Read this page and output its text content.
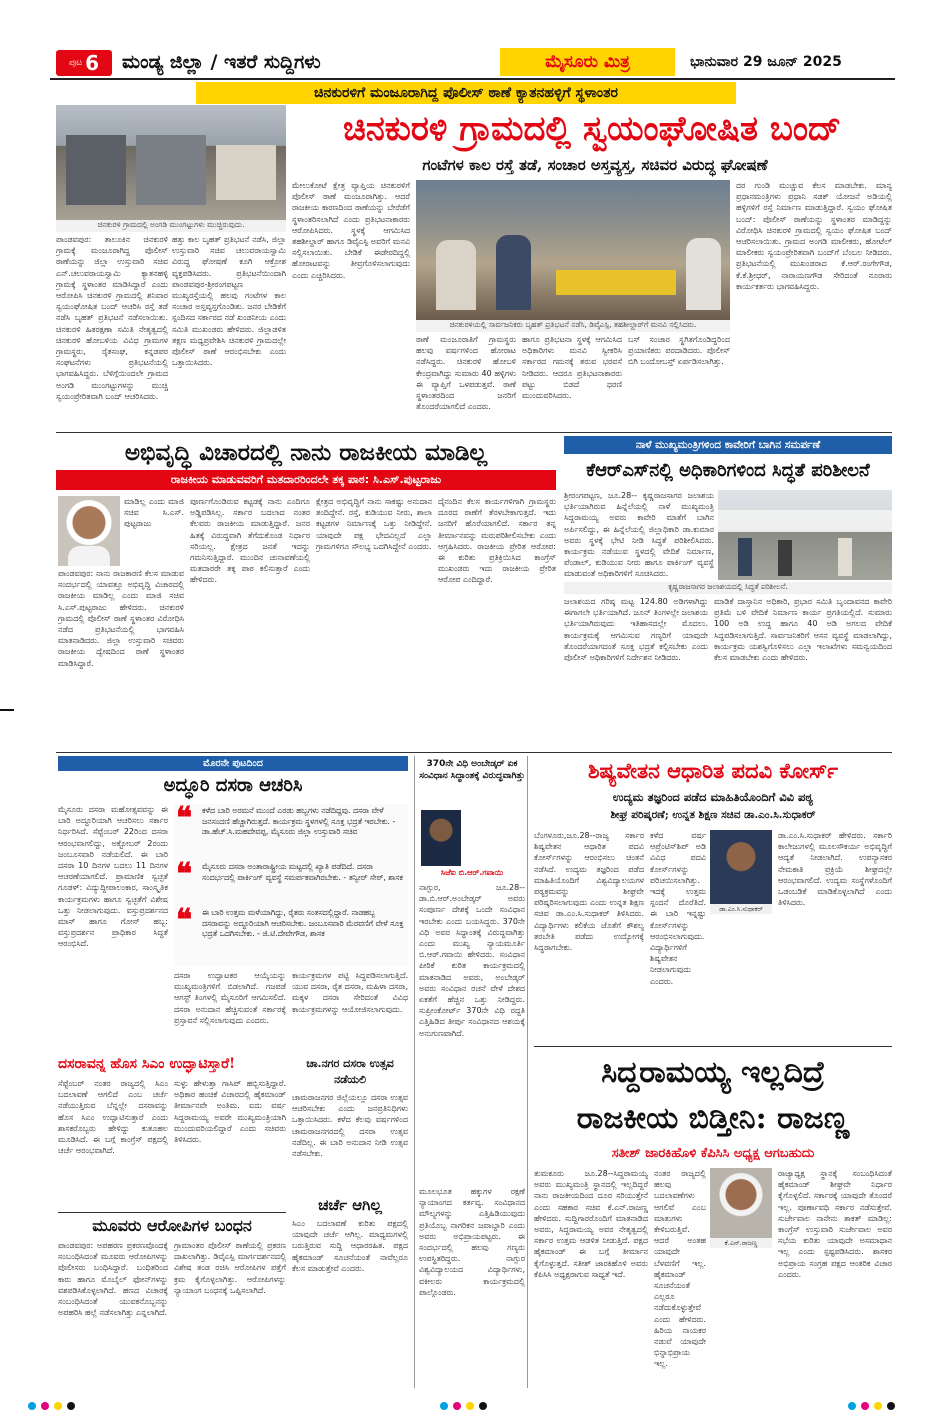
ಪುಟ 6 ಮಂಡ್ಯ ಜಿಲ್ಲಾ / ಇತರೆ ಸುದ್ದಿಗಳು	ಮೈಸೂರು ಮಿತ್ರ	ಭಾನುವಾರ 29 ಜೂನ್ 2025
ಚಿನಕುರಳಿಗೆ ಮಂಜೂರಾಗಿದ್ದ ಪೊಲೀಸ್ ಠಾಣೆ ಕ್ಯಾತನಹಳ್ಳಿಗೆ ಸ್ಥಳಾಂತರ
ಚಿನಕುರಳಿ ಗ್ರಾಮದಲ್ಲಿ ಅಂಗಡಿ ಮುಂಗಟ್ಟುಗಳು ಮುಚ್ಚಿರುವುದು.
ಚಿನಕುರಳಿ ಗ್ರಾಮದಲ್ಲಿ ಸ್ವಯಂಘೋಷಿತ ಬಂದ್
ಗಂಟೆಗಳ ಕಾಲ ರಸ್ತೆ ತಡೆ, ಸಂಚಾರ ಅಸ್ತವ್ಯಸ್ತ, ಸಚಿವರ ವಿರುದ್ಧ ಘೋಷಣೆ
ಪಾಂಡವಪುರ: ತಾಲೂಕಿನ ಚಿನಕುರಳಿ ಗ್ರಾಮಕ್ಕೆ ಮಂಜೂರಾಗಿದ್ದ ಪೊಲೀಸ್ ಠಾಣೆಯನ್ನು ಜಿಲ್ಲಾ ಉಸ್ತುವಾರಿ ಸಚಿವ ಎನ್.ಚಲುವರಾಯಸ್ವಾಮಿ ಕ್ಯಾತನಹಳ್ಳಿ ಗ್ರಾಮಕ್ಕೆ ಸ್ಥಳಾಂತರ ಮಾಡಿಸಿದ್ದಾರೆ ಎಂದು ಆರೋಪಿಸಿ ಚಿನಕುರಳಿ ಗ್ರಾಮದಲ್ಲಿ ಶನಿವಾರ ಸ್ವಯಂಘೋಷಿತ ಬಂದ್ ಆಚರಿಸಿ ರಸ್ತೆ ತಡೆ ನಡೆಸಿ ಬೃಹತ್ ಪ್ರತಿಭಟನೆ ನಡೆಸಲಾಯಿತು. ಚಿನಕುರಳಿ ಹಿತರಕ್ಷಣಾ ಸಮಿತಿ ನೇತೃತ್ವದಲ್ಲಿ ಚಿನಕುರಳಿ ಹೋಬಳಿಯ ವಿವಿಧ ಗ್ರಾಮಗಳ ಗ್ರಾಮಸ್ಥರು, ರೈತಸಂಘ, ಕನ್ನಡಪರ ಸಂಘಟನೆಗಳು ಪ್ರತಿಭಟನೆಯಲ್ಲಿ ಭಾಗವಹಿಸಿದ್ದರು. ಬೆಳಿಗ್ಗೆಯಿಂದಲೇ ಗ್ರಾಮದ ಅಂಗಡಿ ಮುಂಗಟ್ಟುಗಳನ್ನು ಮುಚ್ಚಿ ಸ್ವಯಂಪ್ರೇರಿತವಾಗಿ ಬಂದ್ ಆಚರಿಸಿದರು.
ಹತ್ತು ಕಾಲ ಬೃಹತ್ ಪ್ರತಿಭಟನೆ ನಡೆಸಿ, ಜಿಲ್ಲಾ ಉಸ್ತುವಾರಿ ಸಚಿವ ಚಲುವರಾಯಸ್ವಾಮಿ ವಿರುದ್ಧ ಘೋಷಣೆ ಕೂಗಿ ಆಕ್ರೋಶ ವ್ಯಕ್ತಪಡಿಸಿದರು. ಪ್ರತಿಭಟನೆಯಿಂದಾಗಿ ಪಾಂಡವಪುರ-ಶ್ರೀರಂಗಪಟ್ಟಣ ಮುಖ್ಯರಸ್ತೆಯಲ್ಲಿ ಹಲವು ಗಂಟೆಗಳ ಕಾಲ ಸಂಚಾರ ಅಸ್ತವ್ಯಸ್ತಗೊಂಡಿತು. ಜನರ ಬೇಡಿಕೆಗೆ ಸ್ಪಂದಿಸದ ಸರ್ಕಾರದ ನಡೆ ಖಂಡನೀಯ ಎಂದು ಸಮಿತಿ ಮುಖಂಡರು ಹೇಳಿದರು. ಜಿಲ್ಲಾಡಳಿತ ತಕ್ಷಣ ಮಧ್ಯಪ್ರವೇಶಿಸಿ ಚಿನಕುರಳಿ ಗ್ರಾಮದಲ್ಲೇ ಪೊಲೀಸ್ ಠಾಣೆ ಆರಂಭಿಸಬೇಕು ಎಂದು ಒತ್ತಾಯಿಸಿದರು.
ಮೇಲುಕೋಟೆ ಕ್ಷೇತ್ರ ವ್ಯಾಪ್ತಿಯ ಚಿನಕುರಳಿಗೆ ಪೊಲೀಸ್ ಠಾಣೆ ಮಂಜೂರಾಗಿತ್ತು. ಆದರೆ ರಾಜಕೀಯ ಕಾರಣದಿಂದ ಠಾಣೆಯನ್ನು ಬೇರೆಡೆಗೆ ಸ್ಥಳಾಂತರಿಸಲಾಗಿದೆ ಎಂದು ಪ್ರತಿಭಟನಾಕಾರರು ಆರೋಪಿಸಿದರು. ಸ್ಥಳಕ್ಕೆ ಆಗಮಿಸಿದ ತಹಶೀಲ್ದಾರ್ ಹಾಗೂ ಡಿವೈಎಸ್ಪಿ ಅವರಿಗೆ ಮನವಿ ಸಲ್ಲಿಸಲಾಯಿತು. ಬೇಡಿಕೆ ಈಡೇರದಿದ್ದಲ್ಲಿ ಹೋರಾಟವನ್ನು ತೀವ್ರಗೊಳಿಸಲಾಗುವುದು ಎಂದು ಎಚ್ಚರಿಸಿದರು.
ಚಿನಕುರಳಿಯಲ್ಲಿ ಸಾರ್ವಜನಿಕರು ಬೃಹತ್ ಪ್ರತಿಭಟನೆ ನಡೆಸಿ, ಡಿವೈಎಸ್ಪಿ, ತಹಶೀಲ್ದಾರ್‌ಗೆ ಮನವಿ ಸಲ್ಲಿಸಿದರು.
ಠಾಣೆ ಮಂಜೂರಾತಿಗೆ ಗ್ರಾಮಸ್ಥರು ಹಲವು ವರ್ಷಗಳಿಂದ ಹೋರಾಟ ನಡೆಸಿದ್ದರು. ಚಿನಕುರಳಿ ಹೋಬಳಿ ಕೇಂದ್ರವಾಗಿದ್ದು ಸುಮಾರು 40 ಹಳ್ಳಿಗಳು ಈ ವ್ಯಾಪ್ತಿಗೆ ಒಳಪಡುತ್ತವೆ. ಠಾಣೆ ಸ್ಥಳಾಂತರದಿಂದ ಜನರಿಗೆ ತೊಂದರೆಯಾಗಲಿದೆ ಎಂದರು.
ಹಾಗೂ ಪ್ರತಿಭಟನಾ ಸ್ಥಳಕ್ಕೆ ಆಗಮಿಸಿದ ಅಧಿಕಾರಿಗಳು ಮನವಿ ಸ್ವೀಕರಿಸಿ ಸರ್ಕಾರದ ಗಮನಕ್ಕೆ ತರುವ ಭರವಸೆ ನೀಡಿದರು. ಆದರೂ ಪ್ರತಿಭಟನಾಕಾರರು ಪಟ್ಟು ಬಿಡದೆ ಧರಣಿ ಮುಂದುವರಿಸಿದರು.
ಬಸ್ ಸಂಚಾರ ಸ್ಥಗಿತಗೊಂಡಿದ್ದರಿಂದ ಪ್ರಯಾಣಿಕರು ಪರದಾಡಿದರು. ಪೊಲೀಸ್ ಬಿಗಿ ಬಂದೋಬಸ್ತ್ ಏರ್ಪಡಿಸಲಾಗಿತ್ತು.
ದರ ಗುಂಡಿ ಮುಚ್ಚುವ ಕೆಲಸ ಮಾಡಬೇಕು. ಮಾನ್ಯ ಪ್ರಧಾನಮಂತ್ರಿಗಳು ಪ್ರಧಾನಿ ಸಡಕ್ ಯೋಜನೆ ಅಡಿಯಲ್ಲಿ ಹಳ್ಳಿಗಳಿಗೆ ರಸ್ತೆ ನಿರ್ಮಾಣ ಮಾಡುತ್ತಿದ್ದಾರೆ. ಸ್ವಯಂ ಘೋಷಿತ ಬಂದ್: ಪೊಲೀಸ್ ಠಾಣೆಯನ್ನು ಸ್ಥಳಾಂತರ ಮಾಡಿದ್ದನ್ನು ವಿರೋಧಿಸಿ ಚಿನಕುರಳಿ ಗ್ರಾಮದಲ್ಲಿ ಸ್ವಯಂ ಘೋಷಿತ ಬಂದ್ ಆಚರಿಸಲಾಯಿತು. ಗ್ರಾಮದ ಅಂಗಡಿ ಮಾಲೀಕರು, ಹೋಟೆಲ್ ಮಾಲೀಕರು ಸ್ವಯಂಪ್ರೇರಿತವಾಗಿ ಬಂದ್‌ಗೆ ಬೆಂಬಲ ನೀಡಿದರು. ಪ್ರತಿಭಟನೆಯಲ್ಲಿ ಮುಖಂಡರಾದ ಕೆ.ಆರ್.ರಂಗೇಗೌಡ, ಕೆ.ಕೆ.ಶ್ರೀಧರ್, ನಾರಾಯಣಗೌಡ ಸೇರಿದಂತೆ ನೂರಾರು ಕಾರ್ಯಕರ್ತರು ಭಾಗವಹಿಸಿದ್ದರು.
ಅಭಿವೃದ್ಧಿ ವಿಚಾರದಲ್ಲಿ ನಾನು ರಾಜಕೀಯ ಮಾಡಿಲ್ಲ
ರಾಜಕೀಯ ಮಾಡುವವರಿಗೆ ಮತದಾರರಿಂದಲೇ ತಕ್ಕ ಪಾಠ: ಸಿ.ಎಸ್.ಪುಟ್ಟರಾಜು
ಪಾಂಡವಪುರ: ನಾನು ರಾಜಕಾರಣಿ ಕೆಲಸ ಮಾಡುವ ಸಂದರ್ಭದಲ್ಲಿ ಯಾವತ್ತೂ ಅಭಿವೃದ್ಧಿ ವಿಚಾರದಲ್ಲಿ ರಾಜಕೀಯ ಮಾಡಿಲ್ಲ ಎಂದು ಮಾಜಿ ಸಚಿವ ಸಿ.ಎಸ್.ಪುಟ್ಟರಾಜು ಹೇಳಿದರು. ಚಿನಕುರಳಿ ಗ್ರಾಮದಲ್ಲಿ ಪೊಲೀಸ್ ಠಾಣೆ ಸ್ಥಳಾಂತರ ವಿರೋಧಿಸಿ ನಡೆದ ಪ್ರತಿಭಟನೆಯಲ್ಲಿ ಭಾಗವಹಿಸಿ ಮಾತನಾಡಿದರು. ಜಿಲ್ಲಾ ಉಸ್ತುವಾರಿ ಸಚಿವರು ರಾಜಕೀಯ ದ್ವೇಷದಿಂದ ಠಾಣೆ ಸ್ಥಳಾಂತರ ಮಾಡಿಸಿದ್ದಾರೆ.
ಮಾಡಿಲ್ಲ ಎಂದು ಮಾಜಿ ಸಚಿವ ಸಿ.ಎಸ್. ಪುಟ್ಟರಾಜು
ಪೂರ್ಣಗೊಂಡಿರುವ ಕಟ್ಟಡಕ್ಕೆ ನಾನು ಎಂದಿಗೂ ಅಡ್ಡಿಪಡಿಸಿಲ್ಲ. ಸರ್ಕಾರ ಬದಲಾದ ನಂತರ ಕೆಲವರು ರಾಜಕೀಯ ಮಾಡುತ್ತಿದ್ದಾರೆ. ಜನರ ಹಿತಕ್ಕೆ ವಿರುದ್ಧವಾಗಿ ತೆಗೆದುಕೊಂಡ ನಿರ್ಧಾರ ಸರಿಯಲ್ಲ. ಕ್ಷೇತ್ರದ ಜನತೆ ಇದನ್ನು ಗಮನಿಸುತ್ತಿದ್ದಾರೆ. ಮುಂದಿನ ಚುನಾವಣೆಯಲ್ಲಿ ಮತದಾರರೇ ತಕ್ಕ ಪಾಠ ಕಲಿಸುತ್ತಾರೆ ಎಂದು ಹೇಳಿದರು.
ಕ್ಷೇತ್ರದ ಅಭಿವೃದ್ಧಿಗೆ ನಾನು ಸಾಕಷ್ಟು ಅನುದಾನ ತಂದಿದ್ದೇನೆ. ರಸ್ತೆ, ಕುಡಿಯುವ ನೀರು, ಶಾಲಾ ಕಟ್ಟಡಗಳ ನಿರ್ಮಾಣಕ್ಕೆ ಒತ್ತು ನೀಡಿದ್ದೇನೆ. ಯಾವುದೇ ಪಕ್ಷ ಭೇದವಿಲ್ಲದೆ ಎಲ್ಲಾ ಗ್ರಾಮಗಳಿಗೂ ಸೌಲಭ್ಯ ಒದಗಿಸಿದ್ದೇನೆ ಎಂದರು.
ದೈನಂದಿನ ಕೆಲಸ ಕಾರ್ಯಗಳಿಗಾಗಿ ಗ್ರಾಮಸ್ಥರು ದೂರದ ಠಾಣೆಗೆ ತೆರಳಬೇಕಾಗುತ್ತದೆ. ಇದು ಜನರಿಗೆ ಹೊರೆಯಾಗಲಿದೆ. ಸರ್ಕಾರ ತನ್ನ ತೀರ್ಮಾನವನ್ನು ಮರುಪರಿಶೀಲಿಸಬೇಕು ಎಂದು ಆಗ್ರಹಿಸಿದರು. ರಾಜಕೀಯ ಪ್ರೇರಿತ ಆರೋಪ: ಈ ಕುರಿತು ಪ್ರತಿಕ್ರಿಯಿಸಿದ ಕಾಂಗ್ರೆಸ್ ಮುಖಂಡರು ಇದು ರಾಜಕೀಯ ಪ್ರೇರಿತ ಆರೋಪ ಎಂದಿದ್ದಾರೆ.
ನಾಳೆ ಮುಖ್ಯಮಂತ್ರಿಗಳಿಂದ ಕಾವೇರಿಗೆ ಬಾಗಿನ ಸಮರ್ಪಣೆ
ಕೆಆರ್‌ಎಸ್‌ನಲ್ಲಿ ಅಧಿಕಾರಿಗಳಿಂದ ಸಿದ್ಧತೆ ಪರಿಶೀಲನೆ
ಶ್ರೀರಂಗಪಟ್ಟಣ, ಜೂ.28-- ಕೃಷ್ಣರಾಜಸಾಗರ ಜಲಾಶಯ ಭರ್ತಿಯಾಗಿರುವ ಹಿನ್ನೆಲೆಯಲ್ಲಿ ನಾಳೆ ಮುಖ್ಯಮಂತ್ರಿ ಸಿದ್ದರಾಮಯ್ಯ ಅವರು ಕಾವೇರಿ ಮಾತೆಗೆ ಬಾಗಿನ ಅರ್ಪಿಸಲಿದ್ದು, ಈ ಹಿನ್ನೆಲೆಯಲ್ಲಿ ಜಿಲ್ಲಾಧಿಕಾರಿ ಡಾ.ಕುಮಾರ ಅವರು ಸ್ಥಳಕ್ಕೆ ಭೇಟಿ ನೀಡಿ ಸಿದ್ಧತೆ ಪರಿಶೀಲಿಸಿದರು. ಕಾರ್ಯಕ್ರಮ ನಡೆಯುವ ಸ್ಥಳದಲ್ಲಿ ವೇದಿಕೆ ನಿರ್ಮಾಣ, ಪೆಂಡಾಲ್, ಕುಡಿಯುವ ನೀರು ಹಾಗೂ ಪಾರ್ಕಿಂಗ್ ವ್ಯವಸ್ಥೆ ಮಾಡುವಂತೆ ಅಧಿಕಾರಿಗಳಿಗೆ ಸೂಚಿಸಿದರು.
ಕೃಷ್ಣರಾಜಸಾಗರ ಜಲಾಶಯದಲ್ಲಿ ಸಿದ್ಧತೆ ಪರಿಶೀಲನೆ.
ಜಲಾಶಯದ ಗರಿಷ್ಠ ಮಟ್ಟ 124.80 ಅಡಿಗಳಾಗಿದ್ದು ಈಗಾಗಲೇ ಭರ್ತಿಯಾಗಿದೆ. ಜೂನ್ ತಿಂಗಳಲ್ಲೇ ಜಲಾಶಯ ಭರ್ತಿಯಾಗಿರುವುದು ಇತಿಹಾಸದಲ್ಲೇ ಮೊದಲು. ಕಾರ್ಯಕ್ರಮಕ್ಕೆ ಆಗಮಿಸುವ ಗಣ್ಯರಿಗೆ ಯಾವುದೇ ತೊಂದರೆಯಾಗದಂತೆ ಸೂಕ್ತ ಭದ್ರತೆ ಕಲ್ಪಿಸಬೇಕು ಎಂದು ಪೊಲೀಸ್ ಅಧಿಕಾರಿಗಳಿಗೆ ನಿರ್ದೇಶನ ನೀಡಿದರು.
ಮಾಡಿಕೆ ದಾಸ್ತಾನಿನ ಅಧಿಕಾರಿ, ಪ್ರಭಾರ ಸಮಿತಿ ಬೃಂದಾವನದ ಕಾವೇರಿ ಪ್ರತಿಮೆ ಬಳಿ ವೇದಿಕೆ ನಿರ್ಮಾಣ ಕಾರ್ಯ ಪ್ರಗತಿಯಲ್ಲಿದೆ. ಸುಮಾರು 100 ಅಡಿ ಉದ್ದ ಹಾಗೂ 40 ಅಡಿ ಅಗಲದ ವೇದಿಕೆ ಸಿದ್ಧಪಡಿಸಲಾಗುತ್ತಿದೆ. ಸಾರ್ವಜನಿಕರಿಗೆ ಆಸನ ವ್ಯವಸ್ಥೆ ಮಾಡಲಾಗಿದ್ದು, ಕಾರ್ಯಕ್ರಮ ಯಶಸ್ವಿಗೊಳಿಸಲು ಎಲ್ಲಾ ಇಲಾಖೆಗಳು ಸಮನ್ವಯದಿಂದ ಕೆಲಸ ಮಾಡಬೇಕು ಎಂದು ಹೇಳಿದರು.
ಮೊರನೇ ಪುಟದಿಂದ
ಅದ್ಧೂರಿ ದಸರಾ ಆಚರಿಸಿ
ಮೈಸೂರು ದಸರಾ ಮಹೋತ್ಸವವನ್ನು ಈ ಬಾರಿ ಅದ್ಧೂರಿಯಾಗಿ ಆಚರಿಸಲು ಸರ್ಕಾರ ನಿರ್ಧರಿಸಿದೆ. ಸೆಪ್ಟೆಂಬರ್ 22ರಿಂದ ದಸರಾ ಆರಂಭವಾಗಲಿದ್ದು, ಅಕ್ಟೋಬರ್ 2ರಂದು ಜಂಬೂಸವಾರಿ ನಡೆಯಲಿದೆ. ಈ ಬಾರಿ ದಸರಾ 10 ದಿನಗಳ ಬದಲು 11 ದಿನಗಳ ಆಚರಣೆಯಾಗಲಿದೆ. ಪ್ರಾಮಾಣಿಕ ಸ್ವಚ್ಛತೆ ಗೂಡಳ್: ವಿದ್ಯುದ್ದೀಪಾಲಂಕಾರ, ಸಾಂಸ್ಕೃತಿಕ ಕಾರ್ಯಕ್ರಮಗಳು ಹಾಗೂ ಸ್ವಚ್ಛತೆಗೆ ವಿಶೇಷ ಒತ್ತು ನೀಡಲಾಗುವುದು. ವಸ್ತುಪ್ರದರ್ಶನದ ಮಾಸ್ ಹಾಗೂ ಗೋಸ್ ಹಬ್ಬ: ವಸ್ತುಪ್ರದರ್ಶನ ಪ್ರಾಧಿಕಾರ ಸಿದ್ಧತೆ ಆರಂಭಿಸಿದೆ.
❝ ಕಳೆದ ಬಾರಿ ಅರಮನೆ ಮುಂದೆ ಎರಡು ಹಬ್ಬಗಳು ನಡೆದಿದ್ದವು. ದಸರಾ ವೇಳೆ ಜನಸಂದಣಿ ಹೆಚ್ಚಾಗಿರುತ್ತದೆ. ಕಾರ್ಯಕ್ರಮ ಸ್ಥಳಗಳಲ್ಲಿ ಸೂಕ್ತ ಭದ್ರತೆ ಇರಬೇಕು. - ಡಾ.ಹೆಚ್.ಸಿ.ಮಹದೇವಪ್ಪ, ಮೈಸೂರು ಜಿಲ್ಲಾ ಉಸ್ತುವಾರಿ ಸಚಿವ
❝ ಮೈಸೂರು ದಸರಾ ಅಂತಾರಾಷ್ಟ್ರೀಯ ಮಟ್ಟದಲ್ಲಿ ಖ್ಯಾತಿ ಪಡೆದಿದೆ. ದಸರಾ ಸಂದರ್ಭದಲ್ಲಿ ಪಾರ್ಕಿಂಗ್ ವ್ಯವಸ್ಥೆ ಸಮರ್ಪಕವಾಗಿರಬೇಕು. - ತನ್ವೀರ್ ಸೇಠ್, ಶಾಸಕ
❝ ಈ ಬಾರಿ ಉತ್ತಮ ಮಳೆಯಾಗಿದ್ದು, ರೈತರು ಸಂತಸದಲ್ಲಿದ್ದಾರೆ. ನಾಡಹಬ್ಬ ದಸರಾವನ್ನು ಅದ್ಧೂರಿಯಾಗಿ ಆಚರಿಸಬೇಕು. ಜಂಬೂಸವಾರಿ ಮೆರವಣಿಗೆ ವೇಳೆ ಸೂಕ್ತ ಭದ್ರತೆ ಒದಗಿಸಬೇಕು. - ಜಿ.ಟಿ.ದೇವೇಗೌಡ, ಶಾಸಕ
ದಸರಾ ಉದ್ಘಾಟಕರ ಆಯ್ಕೆಯನ್ನು ಮುಖ್ಯಮಂತ್ರಿಗಳಿಗೆ ಬಿಡಲಾಗಿದೆ. ಗಜಪಡೆ ಆಗಸ್ಟ್ ತಿಂಗಳಲ್ಲಿ ಮೈಸೂರಿಗೆ ಆಗಮಿಸಲಿದೆ. ದಸರಾ ಅನುದಾನ ಹೆಚ್ಚಿಸುವಂತೆ ಸರ್ಕಾರಕ್ಕೆ ಪ್ರಸ್ತಾವನೆ ಸಲ್ಲಿಸಲಾಗುವುದು ಎಂದರು.
ಕಾರ್ಯಕ್ರಮಗಳ ಪಟ್ಟಿ ಸಿದ್ಧಪಡಿಸಲಾಗುತ್ತಿದೆ. ಯುವ ದಸರಾ, ರೈತ ದಸರಾ, ಮಹಿಳಾ ದಸರಾ, ಮಕ್ಕಳ ದಸರಾ ಸೇರಿದಂತೆ ವಿವಿಧ ಕಾರ್ಯಕ್ರಮಗಳನ್ನು ಆಯೋಜಿಸಲಾಗುವುದು.
ದಸರಾವನ್ನ ಹೊಸ ಸಿಎಂ ಉದ್ಘಾಟಿಸ್ತಾರೆ!
ಸೆಪ್ಟೆಂಬರ್ ನಂತರ ರಾಜ್ಯದಲ್ಲಿ ಸಿಎಂ ಬದಲಾವಣೆ ಆಗಲಿದೆ ಎಂಬ ಚರ್ಚೆ ನಡೆಯುತ್ತಿರುವ ಬೆನ್ನಲ್ಲೇ ದಸರಾವನ್ನು ಹೊಸ ಸಿಎಂ ಉದ್ಘಾಟಿಸುತ್ತಾರೆ ಎಂದು ಶಾಸಕರೊಬ್ಬರು ಹೇಳಿದ್ದು ಕುತೂಹಲ ಮೂಡಿಸಿದೆ. ಈ ಬಗ್ಗೆ ಕಾಂಗ್ರೆಸ್ ಪಕ್ಷದಲ್ಲಿ ಚರ್ಚೆ ಆರಂಭವಾಗಿದೆ.
ಸುಳ್ಳು ಹೇಳುತ್ತಾ ಗಾಸಿಪ್ ಹಬ್ಬಿಸುತ್ತಿದ್ದಾರೆ. ಅಧಿಕಾರ ಹಂಚಿಕೆ ವಿಚಾರದಲ್ಲಿ ಹೈಕಮಾಂಡ್ ತೀರ್ಮಾನವೇ ಅಂತಿಮ. ಐದು ವರ್ಷ ಸಿದ್ದರಾಮಯ್ಯ ಅವರೇ ಮುಖ್ಯಮಂತ್ರಿಯಾಗಿ ಮುಂದುವರಿಯಲಿದ್ದಾರೆ ಎಂದು ಸಚಿವರು ತಿಳಿಸಿದರು.
ಚಾ.ನಗರ ದಸರಾ ಉತ್ಸವ ನಡೆಯಲಿ
ಚಾಮರಾಜನಗರ ಜಿಲ್ಲೆಯಲ್ಲೂ ದಸರಾ ಉತ್ಸವ ಆಚರಿಸಬೇಕು ಎಂದು ಜನಪ್ರತಿನಿಧಿಗಳು ಒತ್ತಾಯಿಸಿದರು. ಕಳೆದ ಕೆಲವು ವರ್ಷಗಳಿಂದ ಚಾಮರಾಜನಗರದಲ್ಲಿ ದಸರಾ ಉತ್ಸವ ನಡೆದಿಲ್ಲ. ಈ ಬಾರಿ ಅನುದಾನ ನೀಡಿ ಉತ್ಸವ ನಡೆಸಬೇಕು.
ಚರ್ಚೆ ಆಗಿಲ್ಲ
ಸಿಎಂ ಬದಲಾವಣೆ ಕುರಿತು ಪಕ್ಷದಲ್ಲಿ ಯಾವುದೇ ಚರ್ಚೆ ಆಗಿಲ್ಲ. ಮಾಧ್ಯಮಗಳಲ್ಲಿ ಬರುತ್ತಿರುವ ಸುದ್ದಿ ಆಧಾರರಹಿತ. ಪಕ್ಷದ ಹೈಕಮಾಂಡ್ ಸೂಚನೆಯಂತೆ ನಾವೆಲ್ಲರೂ ಕೆಲಸ ಮಾಡುತ್ತೇವೆ ಎಂದರು.
ಮೂವರು ಆರೋಪಿಗಳ ಬಂಧನ
ಪಾಂಡವಪುರ: ಅಪಹರಣ ಪ್ರಕರಣವೊಂದಕ್ಕೆ ಸಂಬಂಧಿಸಿದಂತೆ ಮೂವರು ಆರೋಪಿಗಳನ್ನು ಪೊಲೀಸರು ಬಂಧಿಸಿದ್ದಾರೆ. ಬಂಧಿತರಿಂದ ಕಾರು ಹಾಗೂ ಮೊಬೈಲ್ ಫೋನ್‌ಗಳನ್ನು ವಶಪಡಿಸಿಕೊಳ್ಳಲಾಗಿದೆ. ಹಣದ ವಿಚಾರಕ್ಕೆ ಸಂಬಂಧಿಸಿದಂತೆ ಯುವಕನೊಬ್ಬನನ್ನು ಅಪಹರಿಸಿ ಹಲ್ಲೆ ನಡೆಸಲಾಗಿತ್ತು ಎನ್ನಲಾಗಿದೆ.
ಗ್ರಾಮಾಂತರ ಪೊಲೀಸ್ ಠಾಣೆಯಲ್ಲಿ ಪ್ರಕರಣ ದಾಖಲಾಗಿತ್ತು. ಡಿವೈಎಸ್ಪಿ ಮಾರ್ಗದರ್ಶನದಲ್ಲಿ ವಿಶೇಷ ತಂಡ ರಚಿಸಿ ಆರೋಪಿಗಳ ಪತ್ತೆಗೆ ಕ್ರಮ ಕೈಗೊಳ್ಳಲಾಗಿತ್ತು. ಆರೋಪಿಗಳನ್ನು ನ್ಯಾಯಾಂಗ ಬಂಧನಕ್ಕೆ ಒಪ್ಪಿಸಲಾಗಿದೆ.
370ನೇ ವಿಧಿ ಅಂಬೇಡ್ಕರ್ ಏಕ ಸಂವಿಧಾನ ಸಿದ್ಧಾಂತಕ್ಕೆ ವಿರುದ್ಧವಾಗಿತ್ತು
ಸಿಜೆಐ ಬಿ.ಆರ್.ಗವಾಯಿ
ನಾಗ್ಪುರ, ಜೂ.28--ಡಾ.ಬಿ.ಆರ್.ಅಂಬೇಡ್ಕರ್ ಅವರು ಸಂಪೂರ್ಣ ದೇಶಕ್ಕೆ ಒಂದೇ ಸಂವಿಧಾನ ಇರಬೇಕು ಎಂದು ಬಯಸಿದ್ದರು. 370ನೇ ವಿಧಿ ಅವರ ಸಿದ್ಧಾಂತಕ್ಕೆ ವಿರುದ್ಧವಾಗಿತ್ತು ಎಂದು ಮುಖ್ಯ ನ್ಯಾಯಮೂರ್ತಿ ಬಿ.ಆರ್.ಗವಾಯಿ ಹೇಳಿದರು. ಸಂವಿಧಾನ ಪೀಠಿಕೆ ಕುರಿತ ಕಾರ್ಯಕ್ರಮದಲ್ಲಿ ಮಾತನಾಡಿದ ಅವರು, ಅಂಬೇಡ್ಕರ್ ಅವರು ಸಂವಿಧಾನ ರಚನೆ ವೇಳೆ ದೇಶದ ಏಕತೆಗೆ ಹೆಚ್ಚಿನ ಒತ್ತು ನೀಡಿದ್ದರು. ಸುಪ್ರೀಂಕೋರ್ಟ್ 370ನೇ ವಿಧಿ ರದ್ದತಿ ಎತ್ತಿಹಿಡಿದ ತೀರ್ಪು ಸಂವಿಧಾನದ ಆಶಯಕ್ಕೆ ಅನುಗುಣವಾಗಿದೆ.
ಮೂಲಭೂತ ಹಕ್ಕುಗಳ ರಕ್ಷಣೆ ನ್ಯಾಯಾಂಗದ ಕರ್ತವ್ಯ. ಸಂವಿಧಾನದ ಮೌಲ್ಯಗಳನ್ನು ಎತ್ತಿಹಿಡಿಯುವುದು ಪ್ರತಿಯೊಬ್ಬ ನಾಗರಿಕನ ಜವಾಬ್ದಾರಿ ಎಂದು ಅವರು ಅಭಿಪ್ರಾಯಪಟ್ಟರು. ಈ ಸಂದರ್ಭದಲ್ಲಿ ಹಲವು ಗಣ್ಯರು ಉಪಸ್ಥಿತರಿದ್ದರು. ನಾಗ್ಪುರ ವಿಶ್ವವಿದ್ಯಾಲಯದ ವಿದ್ಯಾರ್ಥಿಗಳು, ವಕೀಲರು ಕಾರ್ಯಕ್ರಮದಲ್ಲಿ ಪಾಲ್ಗೊಂಡರು.
ಶಿಷ್ಯವೇತನ ಆಧಾರಿತ ಪದವಿ ಕೋರ್ಸ್
ಉದ್ಯಮ ತಜ್ಞರಿಂದ ಪಡೆದ ಮಾಹಿತಿಯೊಂದಿಗೆ ವಿವಿ ಪಠ್ಯ
ಶೀಘ್ರ ಪರಿಷ್ಕರಣೆ; ಉನ್ನತ ಶಿಕ್ಷಣ ಸಚಿವ ಡಾ.ಎಂ.ಸಿ.ಸುಧಾಕರ್
ಬೆಂಗಳೂರು,ಜೂ.28--ರಾಜ್ಯ ಸರ್ಕಾರ ಶಿಷ್ಯವೇತನ ಆಧಾರಿತ ಪದವಿ ಕೋರ್ಸ್‌ಗಳನ್ನು ಆರಂಭಿಸಲು ಚಿಂತನೆ ನಡೆಸಿದೆ. ಉದ್ಯಮ ತಜ್ಞರಿಂದ ಪಡೆದ ಮಾಹಿತಿಯೊಂದಿಗೆ ವಿಶ್ವವಿದ್ಯಾಲಯಗಳ ಪಠ್ಯಕ್ರಮವನ್ನು ಶೀಘ್ರವೇ ಪರಿಷ್ಕರಿಸಲಾಗುವುದು ಎಂದು ಉನ್ನತ ಶಿಕ್ಷಣ ಸಚಿವ ಡಾ.ಎಂ.ಸಿ.ಸುಧಾಕರ್ ತಿಳಿಸಿದರು. ವಿದ್ಯಾರ್ಥಿಗಳು ಕಲಿಕೆಯ ಜೊತೆಗೆ ಕೌಶಲ್ಯ ತರಬೇತಿ ಪಡೆದು ಉದ್ಯೋಗಕ್ಕೆ ಸಿದ್ಧರಾಗಬೇಕು.
ಕಳೆದ ವರ್ಷ ಆಪ್ರೆಂಟಿಸ್‌ಶಿಪ್ ಅಡಿ ವಿವಿಧ ಪದವಿ ಕೋರ್ಸ್‌ಗಳನ್ನು ಪರಿಚಯಿಸಲಾಗಿತ್ತು. ಇದಕ್ಕೆ ಉತ್ತಮ ಸ್ಪಂದನೆ ದೊರೆತಿದೆ. ಈ ಬಾರಿ ಇನ್ನಷ್ಟು ಕೋರ್ಸ್‌ಗಳನ್ನು ಆರಂಭಿಸಲಾಗುವುದು. ವಿದ್ಯಾರ್ಥಿಗಳಿಗೆ ಶಿಷ್ಯವೇತನ ನೀಡಲಾಗುವುದು ಎಂದರು.
ಡಾ.ಎಂ.ಸಿ.ಸುಧಾಕರ್
ಡಾ.ಎಂ.ಸಿ.ಸುಧಾಕರ್ ಹೇಳಿದರು. ಸರ್ಕಾರಿ ಕಾಲೇಜುಗಳಲ್ಲಿ ಮೂಲಸೌಕರ್ಯ ಅಭಿವೃದ್ಧಿಗೆ ಆದ್ಯತೆ ನೀಡಲಾಗಿದೆ. ಉಪನ್ಯಾಸಕರ ನೇಮಕಾತಿ ಪ್ರಕ್ರಿಯೆ ಶೀಘ್ರದಲ್ಲೇ ಆರಂಭವಾಗಲಿದೆ. ಉದ್ಯಮ ಸಂಸ್ಥೆಗಳೊಂದಿಗೆ ಒಡಂಬಡಿಕೆ ಮಾಡಿಕೊಳ್ಳಲಾಗಿದೆ ಎಂದು ತಿಳಿಸಿದರು.
ಸಿದ್ದರಾಮಯ್ಯ ಇಲ್ಲದಿದ್ರೆ
ರಾಜಕೀಯ ಬಿಡ್ತೀನಿ: ರಾಜಣ್ಣ
ಸತೀಶ್ ಜಾರಕಿಹೊಳಿ ಕೆಪಿಸಿಸಿ ಅಧ್ಯಕ್ಷ ಆಗಬಹುದು
ತುಮಕೂರು ಜೂ.28--ಸಿದ್ದರಾಮಯ್ಯ ಅವರು ಮುಖ್ಯಮಂತ್ರಿ ಸ್ಥಾನದಲ್ಲಿ ಇಲ್ಲದಿದ್ದರೆ ನಾನು ರಾಜಕೀಯದಿಂದ ದೂರ ಸರಿಯುತ್ತೇನೆ ಎಂದು ಸಹಕಾರ ಸಚಿವ ಕೆ.ಎನ್.ರಾಜಣ್ಣ ಹೇಳಿದರು. ಸುದ್ದಿಗಾರರೊಂದಿಗೆ ಮಾತನಾಡಿದ ಅವರು, ಸಿದ್ದರಾಮಯ್ಯ ಅವರ ನೇತೃತ್ವದಲ್ಲಿ ಸರ್ಕಾರ ಉತ್ತಮ ಆಡಳಿತ ನೀಡುತ್ತಿದೆ. ಪಕ್ಷದ ಹೈಕಮಾಂಡ್ ಈ ಬಗ್ಗೆ ತೀರ್ಮಾನ ಕೈಗೊಳ್ಳುತ್ತದೆ. ಸತೀಶ್ ಜಾರಕಿಹೊಳಿ ಅವರು ಕೆಪಿಸಿಸಿ ಅಧ್ಯಕ್ಷರಾಗುವ ಸಾಧ್ಯತೆ ಇದೆ.
ಕೆ.ಎನ್.ರಾಜಣ್ಣ
ನಂತರ ರಾಜ್ಯದಲ್ಲಿ ಹಲವು ಬದಲಾವಣೆಗಳು ಆಗಲಿವೆ ಎಂಬ ಮಾತುಗಳು ಕೇಳಿಬರುತ್ತಿವೆ. ಆದರೆ ಅಂತಹ ಯಾವುದೇ ಬೆಳವಣಿಗೆ ಇಲ್ಲ. ಹೈಕಮಾಂಡ್ ಸೂಚನೆಯಂತೆ ಎಲ್ಲರೂ ನಡೆದುಕೊಳ್ಳುತ್ತೇವೆ ಎಂದು ಹೇಳಿದರು. ಹಿರಿಯ ನಾಯಕರ ನಡುವೆ ಯಾವುದೇ ಭಿನ್ನಾಭಿಪ್ರಾಯ ಇಲ್ಲ.
ರಾಜ್ಯಾಧ್ಯಕ್ಷ ಸ್ಥಾನಕ್ಕೆ ಸಂಬಂಧಿಸಿದಂತೆ ಹೈಕಮಾಂಡ್ ಶೀಘ್ರವೇ ನಿರ್ಧಾರ ಕೈಗೊಳ್ಳಲಿದೆ. ಸರ್ಕಾರಕ್ಕೆ ಯಾವುದೇ ತೊಂದರೆ ಇಲ್ಲ. ಪೂರ್ಣಾವಧಿ ಸರ್ಕಾರ ನಡೆಸುತ್ತೇವೆ. ಸುರ್ಜೇವಾಲ ನಾನೇನು ತಾಕತ್ ಮಾಡಿಲ್ಲ: ಕಾಂಗ್ರೆಸ್ ಉಸ್ತುವಾರಿ ಸುರ್ಜೇವಾಲ ಅವರ ಸಭೆಯ ಕುರಿತು ಯಾವುದೇ ಅಸಮಾಧಾನ ಇಲ್ಲ ಎಂದು ಸ್ಪಷ್ಟಪಡಿಸಿದರು. ಶಾಸಕರ ಅಭಿಪ್ರಾಯ ಸಂಗ್ರಹ ಪಕ್ಷದ ಆಂತರಿಕ ವಿಚಾರ ಎಂದರು.
